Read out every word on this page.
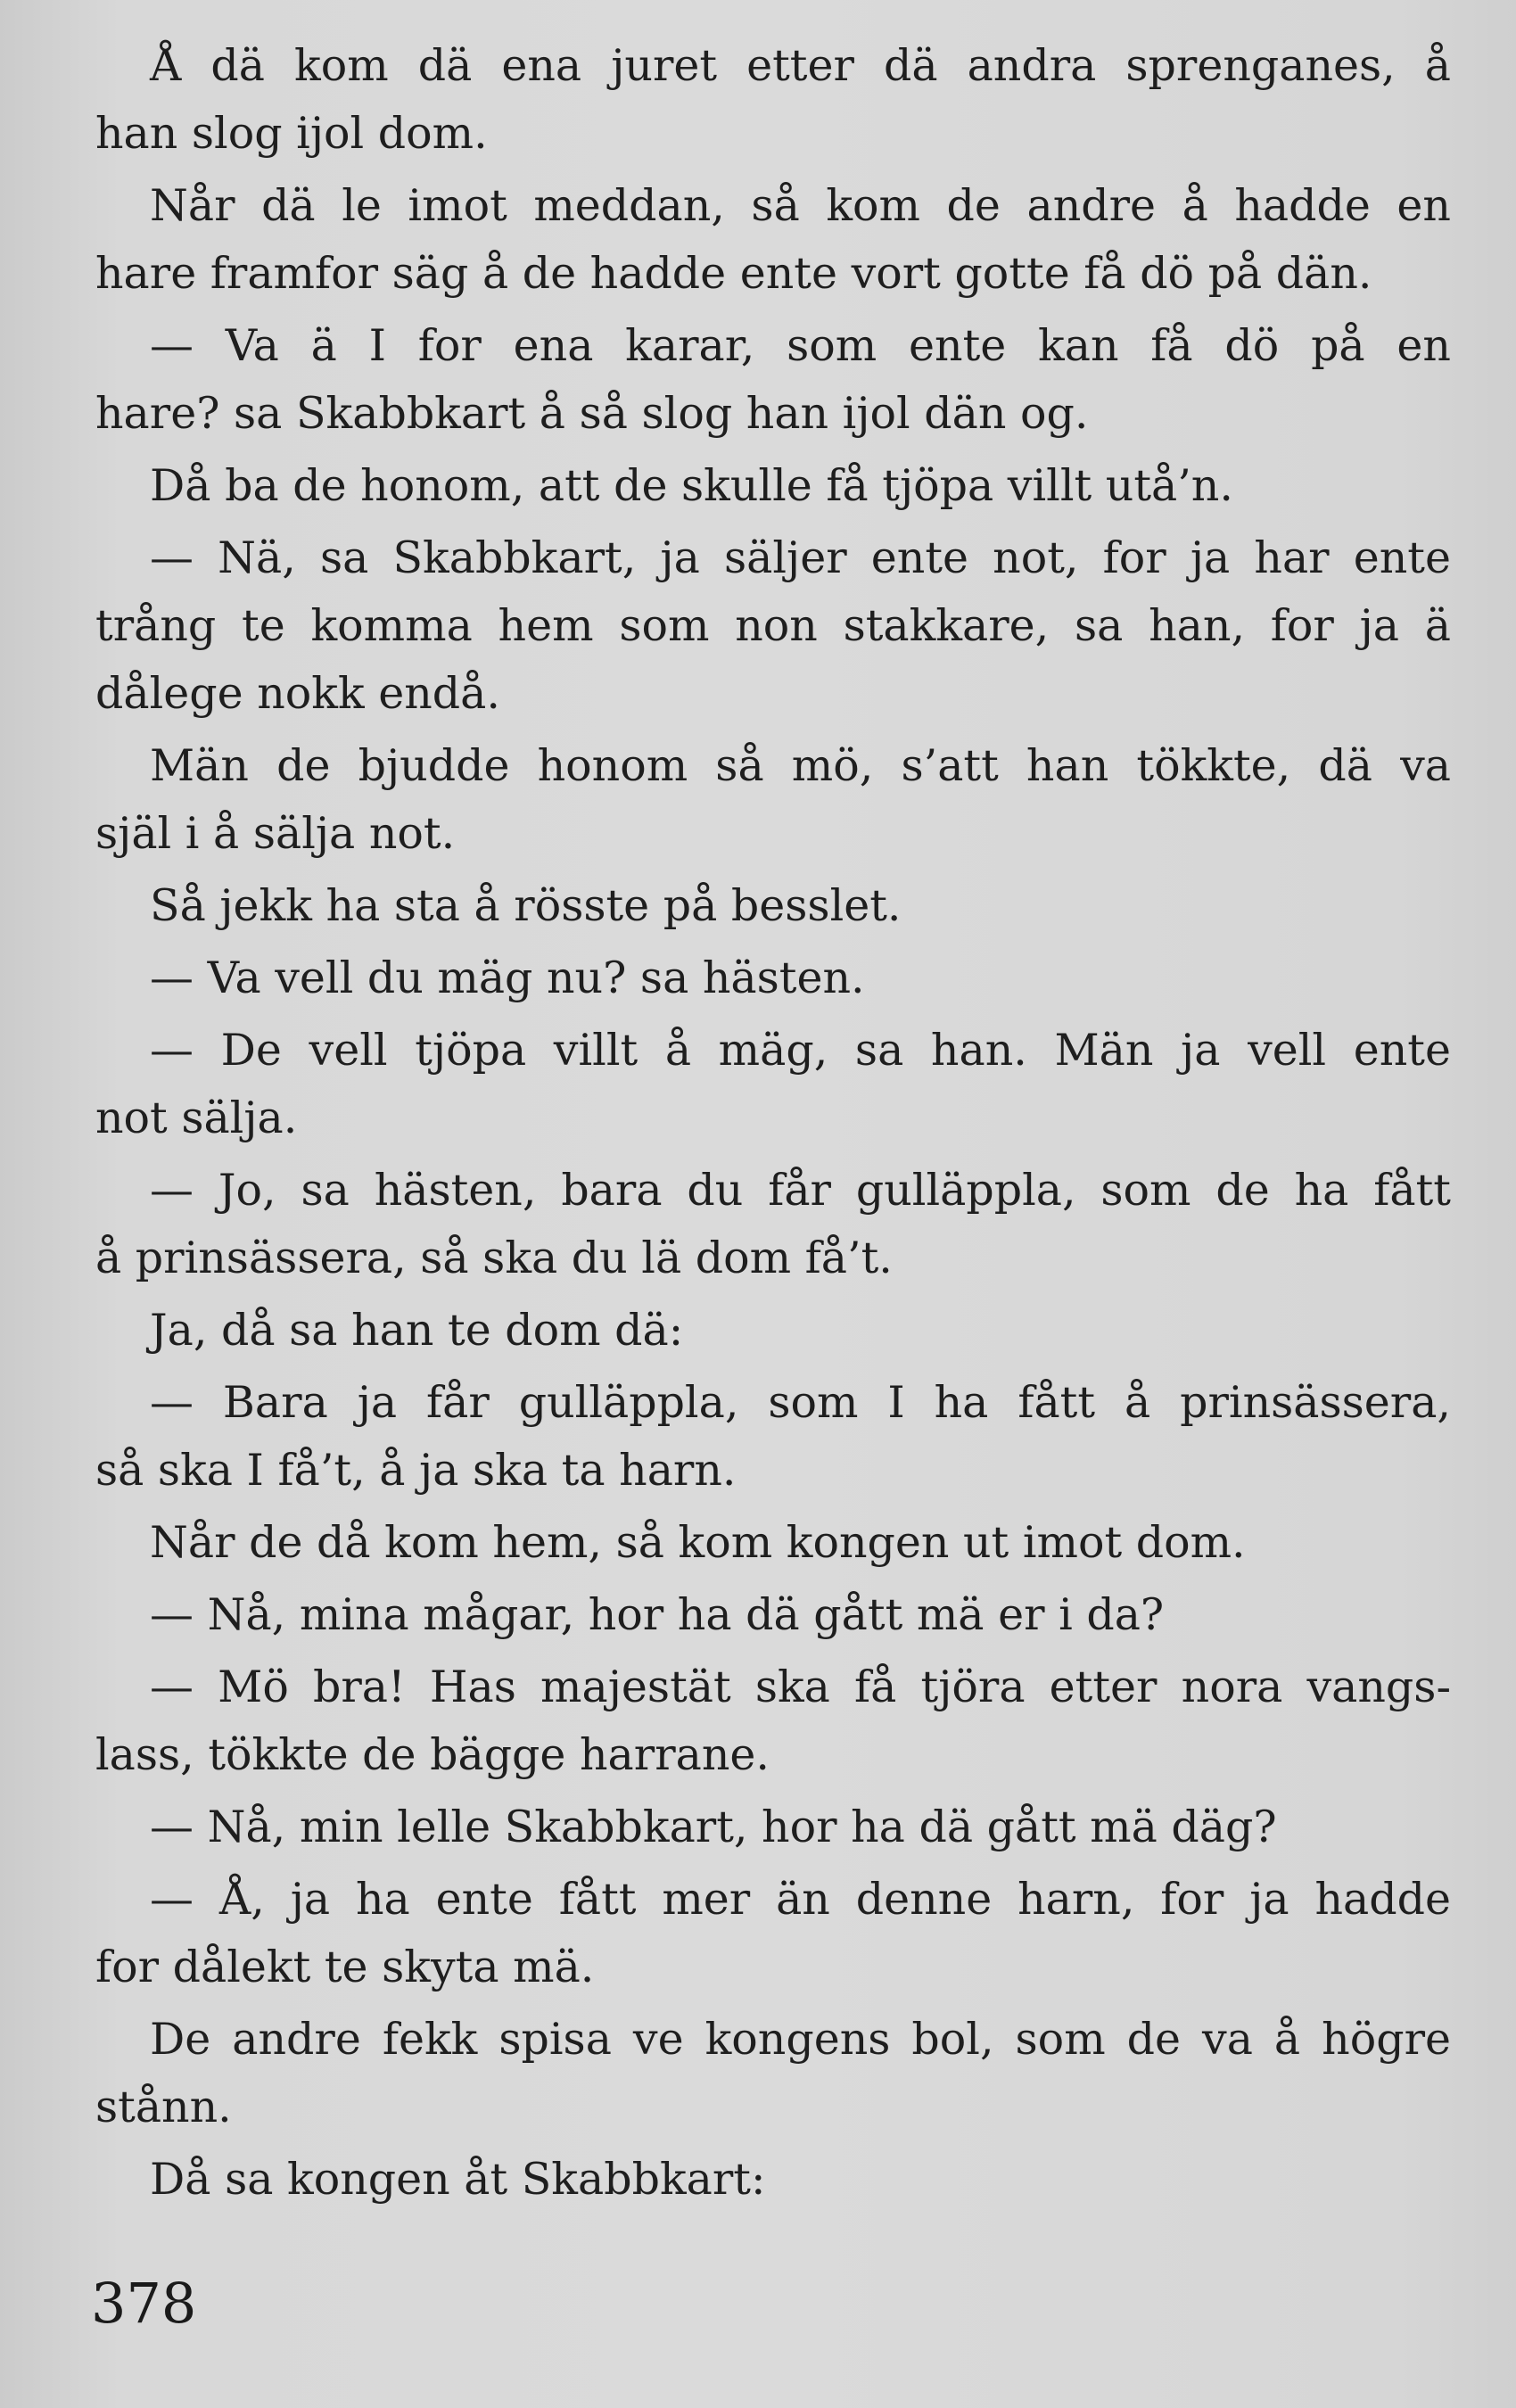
Å dä kom dä ena juret etter dä andra sprenganes, å
han slog ijol dom.
Når dä le imot meddan, så kom de andre å hadde en
hare framfor säg å de hadde ente vort gotte få dö på dän.
— Va ä I for ena karar, som ente kan få dö på en
hare? sa Skabbkart å så slog han ijol dän og.
Då ba de honom, att de skulle få tjöpa villt utå’n.
— Nä, sa Skabbkart, ja säljer ente not, for ja har ente
trång te komma hem som non stakkare, sa han, for ja ä
dålege nokk endå.
Män de bjudde honom så mö, s’att han tökkte, dä va
själ i å sälja not.
Så jekk ha sta å rösste på besslet.
— Va vell du mäg nu? sa hästen.
— De vell tjöpa villt å mäg, sa han. Män ja vell ente
not sälja.
— Jo, sa hästen, bara du får gulläppla, som de ha fått
å prinsässera, så ska du lä dom få’t.
Ja, då sa han te dom dä:
— Bara ja får gulläppla, som I ha fått å prinsässera,
så ska I få’t, å ja ska ta harn.
Når de då kom hem, så kom kongen ut imot dom.
— Nå, mina mågar, hor ha dä gått mä er i da?
— Mö bra! Has majestät ska få tjöra etter nora vangs-
lass, tökkte de bägge harrane.
— Nå, min lelle Skabbkart, hor ha dä gått mä däg?
— Å, ja ha ente fått mer än denne harn, for ja hadde
for dålekt te skyta mä.
De andre fekk spisa ve kongens bol, som de va å högre
stånn.
Då sa kongen åt Skabbkart:
378
